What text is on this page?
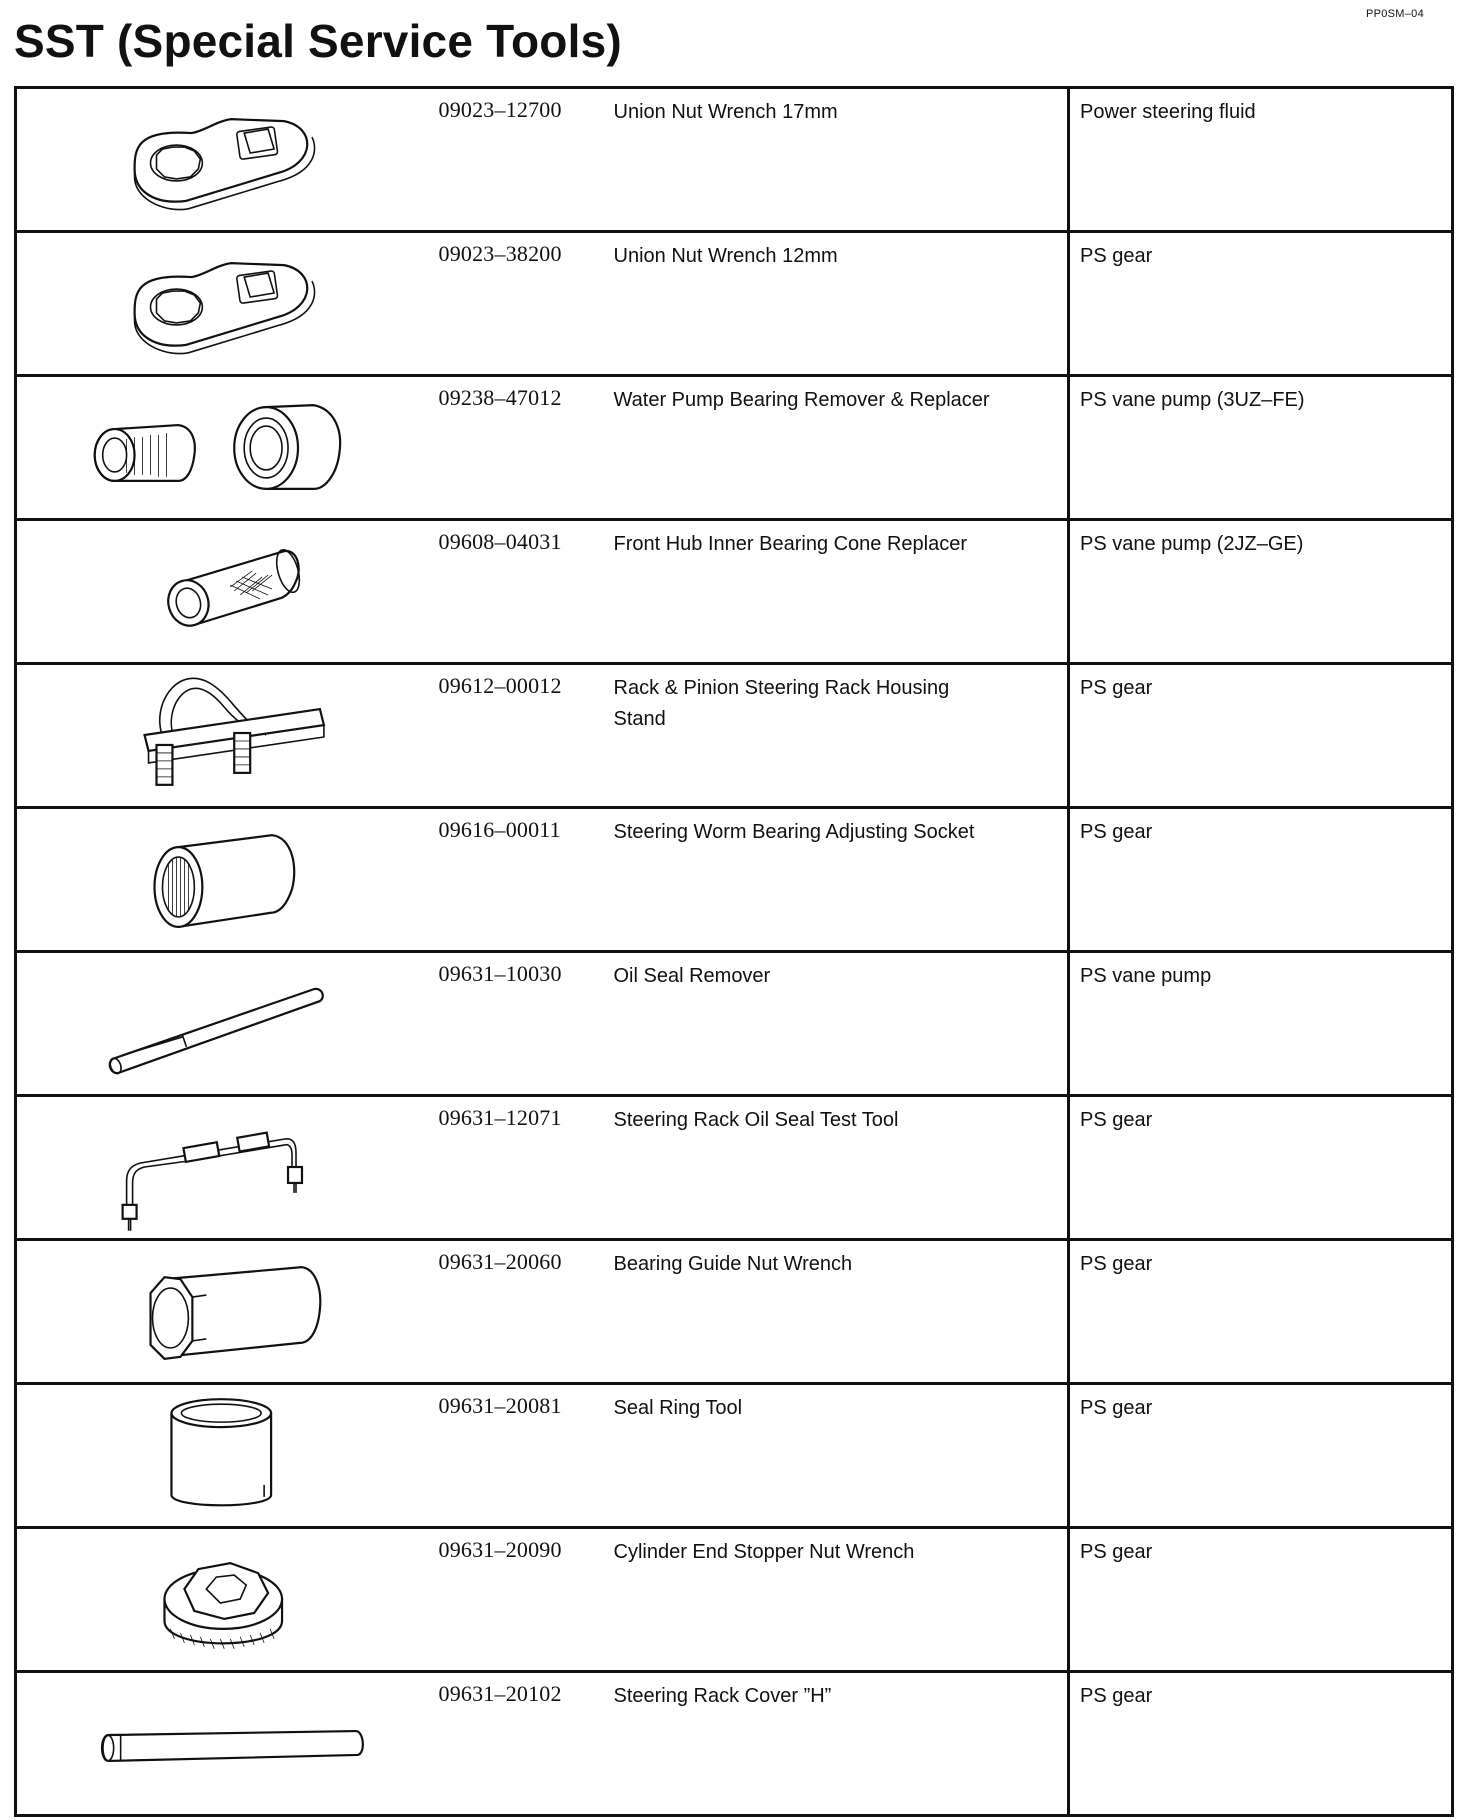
PP0SM–04
SST (Special Service Tools)

09023–12700	Union Nut Wrench 17mm	Power steering fluid

09023–38200	Union Nut Wrench 12mm	PS gear

09238–47012	Water Pump Bearing Remover & Replacer	PS vane pump (3UZ–FE)

09608–04031	Front Hub Inner Bearing Cone Replacer	PS vane pump (2JZ–GE)

09612–00012	Rack & Pinion Steering Rack Housing Stand	PS gear

09616–00011	Steering Worm Bearing Adjusting Socket	PS gear

09631–10030	Oil Seal Remover	PS vane pump

09631–12071	Steering Rack Oil Seal Test Tool	PS gear

09631–20060	Bearing Guide Nut Wrench	PS gear

09631–20081	Seal Ring Tool	PS gear

09631–20090	Cylinder End Stopper Nut Wrench	PS gear

09631–20102	Steering Rack Cover ”H”	PS gear
